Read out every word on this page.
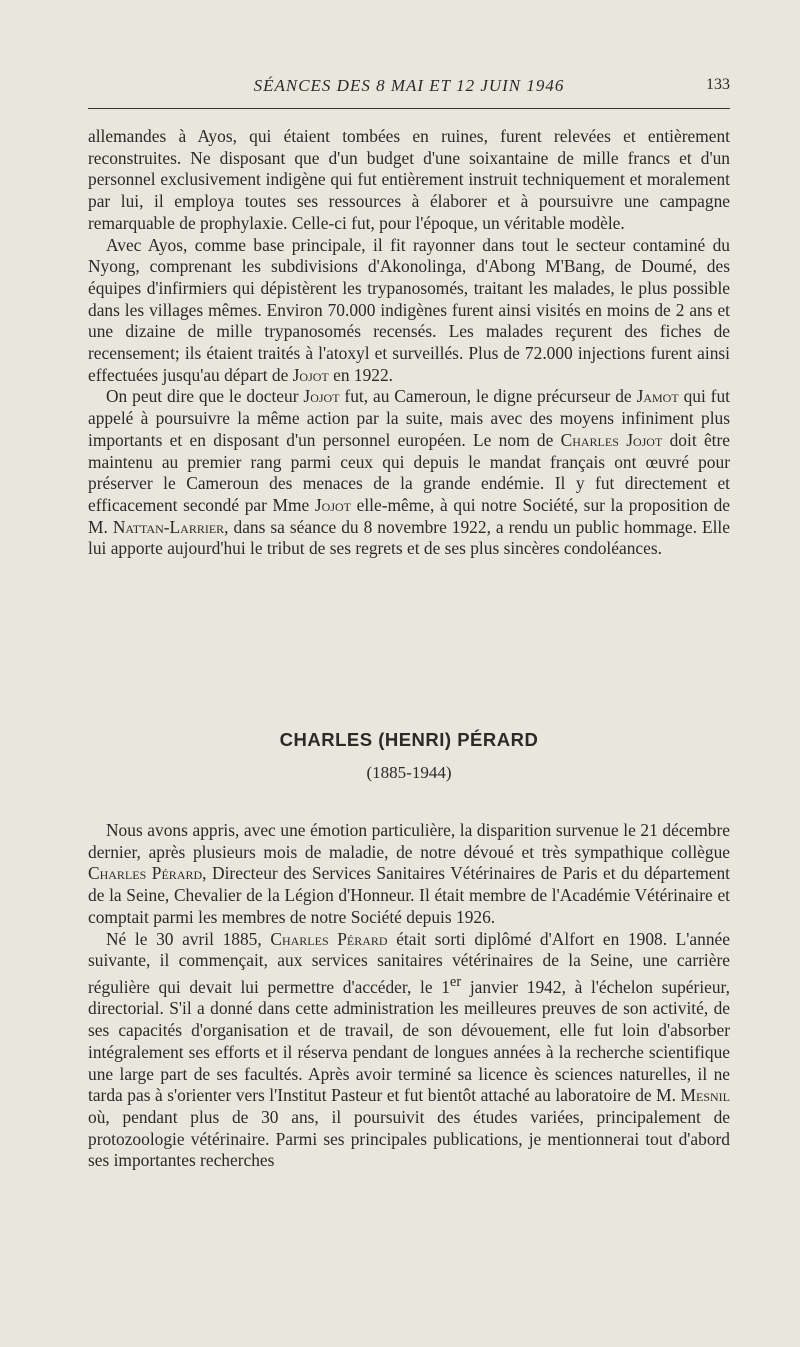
SÉANCES DES 8 MAI ET 12 JUIN 1946	133

allemandes à Ayos, qui étaient tombées en ruines, furent relevées et entièrement reconstruites. Ne disposant que d'un budget d'une soixantaine de mille francs et d'un personnel exclusivement indigène qui fut entièrement instruit techniquement et moralement par lui, il employa toutes ses ressources à élaborer et à poursuivre une campagne remarquable de prophylaxie. Celle-ci fut, pour l'époque, un véritable modèle.

Avec Ayos, comme base principale, il fit rayonner dans tout le secteur contaminé du Nyong, comprenant les subdivisions d'Akonolinga, d'Abong M'Bang, de Doumé, des équipes d'infirmiers qui dépistèrent les trypanosomés, traitant les malades, le plus possible dans les villages mêmes. Environ 70.000 indigènes furent ainsi visités en moins de 2 ans et une dizaine de mille trypanosomés recensés. Les malades reçurent des fiches de recensement; ils étaient traités à l'atoxyl et surveillés. Plus de 72.000 injections furent ainsi effectuées jusqu'au départ de Jojot en 1922.

On peut dire que le docteur Jojot fut, au Cameroun, le digne précurseur de Jamot qui fut appelé à poursuivre la même action par la suite, mais avec des moyens infiniment plus importants et en disposant d'un personnel européen. Le nom de Charles Jojot doit être maintenu au premier rang parmi ceux qui depuis le mandat français ont œuvré pour préserver le Cameroun des menaces de la grande endémie. Il y fut directement et efficacement secondé par Mme Jojot elle-même, à qui notre Société, sur la proposition de M. Nattan-Larrier, dans sa séance du 8 novembre 1922, a rendu un public hommage. Elle lui apporte aujourd'hui le tribut de ses regrets et de ses plus sincères condoléances.

CHARLES (HENRI) PÉRARD
(1885-1944)

Nous avons appris, avec une émotion particulière, la disparition survenue le 21 décembre dernier, après plusieurs mois de maladie, de notre dévoué et très sympathique collègue Charles Pérard, Directeur des Services Sanitaires Vétérinaires de Paris et du département de la Seine, Chevalier de la Légion d'Honneur. Il était membre de l'Académie Vétérinaire et comptait parmi les membres de notre Société depuis 1926.

Né le 30 avril 1885, Charles Pérard était sorti diplômé d'Alfort en 1908. L'année suivante, il commençait, aux services sanitaires vétérinaires de la Seine, une carrière régulière qui devait lui permettre d'accéder, le 1er janvier 1942, à l'échelon supérieur, directorial. S'il a donné dans cette administration les meilleures preuves de son activité, de ses capacités d'organisation et de travail, de son dévouement, elle fut loin d'absorber intégralement ses efforts et il réserva pendant de longues années à la recherche scientifique une large part de ses facultés. Après avoir terminé sa licence ès sciences naturelles, il ne tarda pas à s'orienter vers l'Institut Pasteur et fut bientôt attaché au laboratoire de M. Mesnil où, pendant plus de 30 ans, il poursuivit des études variées, principalement de protozoologie vétérinaire. Parmi ses principales publications, je mentionnerai tout d'abord ses importantes recherches
